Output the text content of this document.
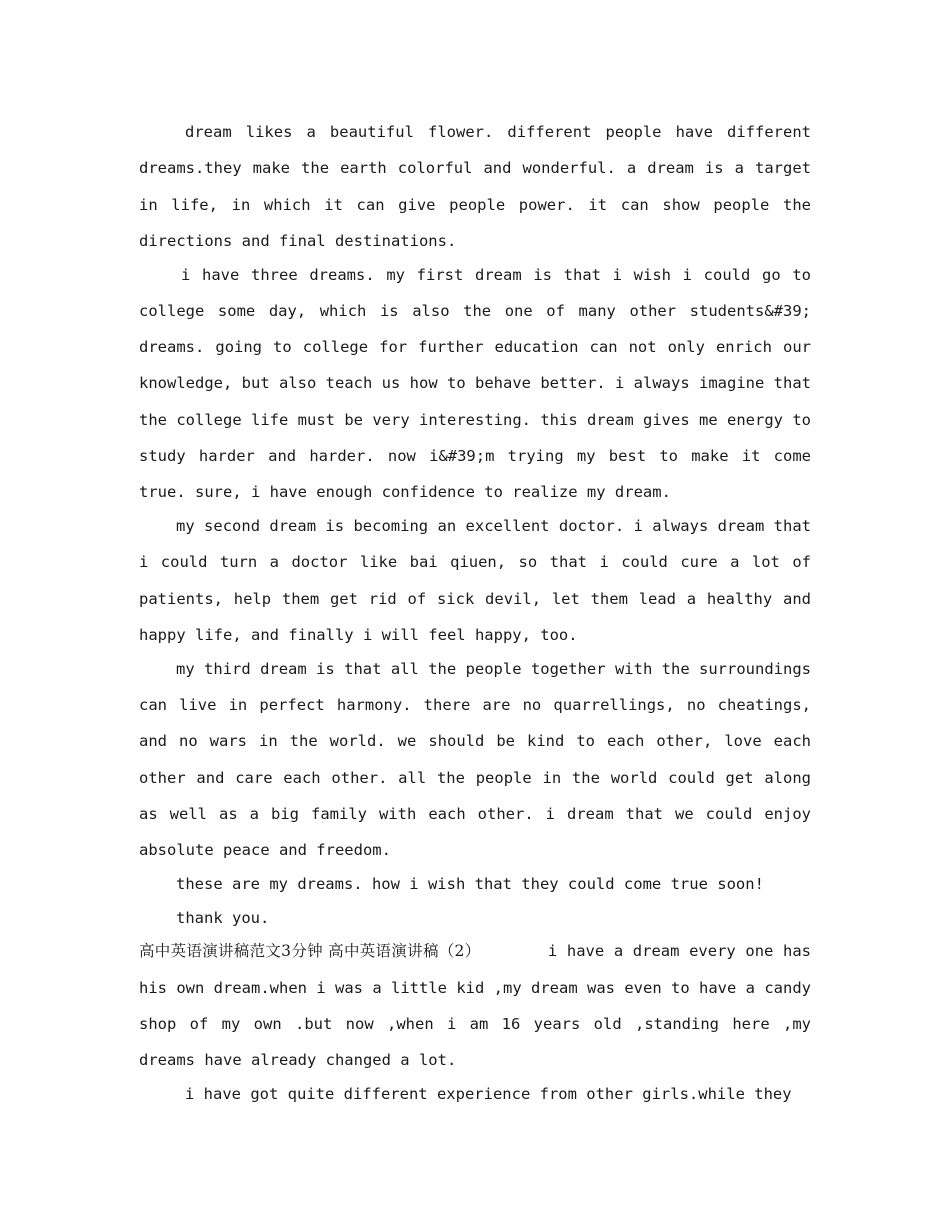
dream likes a beautiful flower. different people have different dreams.they make the earth colorful and wonderful. a dream is a target in life, in which it can give people power. it can show people the directions and final destinations.

i have three dreams. my first dream is that i wish i could go to college some day, which is also the one of many other students&#39; dreams. going to college for further education can not only enrich our knowledge, but also teach us how to behave better. i always imagine that the college life must be very interesting. this dream gives me energy to study harder and harder. now i&#39;m trying my best to make it come true. sure, i have enough confidence to realize my dream.

my second dream is becoming an excellent doctor. i always dream that i could turn a doctor like bai qiuen, so that i could cure a lot of patients, help them get rid of sick devil, let them lead a healthy and happy life, and finally i will feel happy, too.

my third dream is that all the people together with the surroundings can live in perfect harmony. there are no quarrellings, no cheatings, and no wars in the world. we should be kind to each other, love each other and care each other. all the people in the world could get along as well as a big family with each other. i dream that we could enjoy absolute peace and freedom.

these are my dreams. how i wish that they could come true soon!

thank you.

高中英语演讲稿范文3分钟 高中英语演讲稿（2）	i have a dream every one has his own dream.when i was a little kid ,my dream was even to have a candy shop of my own .but now ,when i am 16 years old ,standing here ,my dreams have already changed a lot.

i have got quite different experience from other girls.while they
